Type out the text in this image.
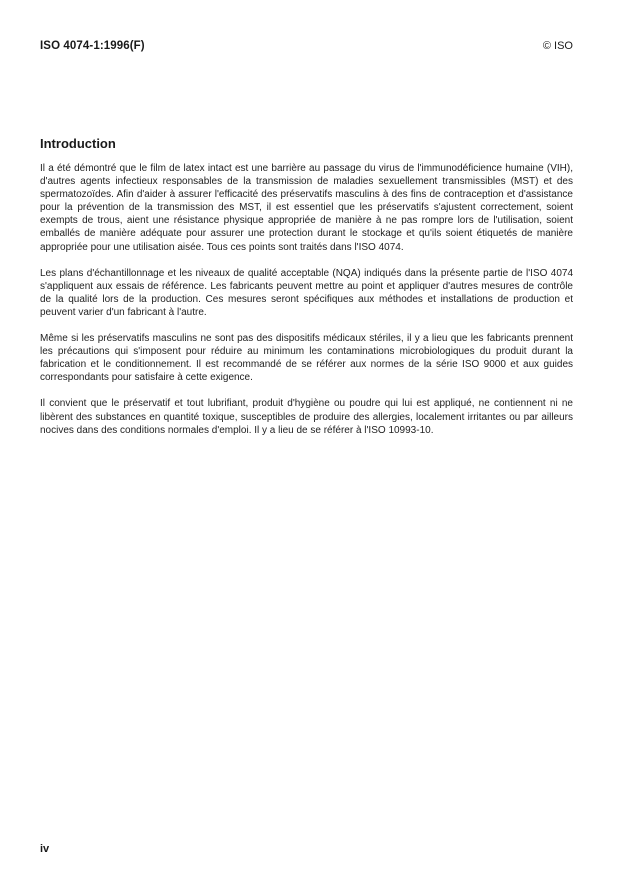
ISO 4074-1:1996(F)	© ISO
Introduction

Il a été démontré que le film de latex intact est une barrière au passage du virus de l'immunodéficience humaine (VIH), d'autres agents infectieux responsables de la transmission de maladies sexuellement transmissibles (MST) et des spermatozoïdes. Afin d'aider à assurer l'efficacité des préservatifs masculins à des fins de contraception et d'assistance pour la prévention de la transmission des MST, il est essentiel que les préservatifs s'ajustent correctement, soient exempts de trous, aient une résistance physique appropriée de manière à ne pas rompre lors de l'utilisation, soient emballés de manière adéquate pour assurer une protection durant le stockage et qu'ils soient étiquetés de manière appropriée pour une utilisation aisée. Tous ces points sont traités dans l'ISO 4074.

Les plans d'échantillonnage et les niveaux de qualité acceptable (NQA) indiqués dans la présente partie de l'ISO 4074 s'appliquent aux essais de référence. Les fabricants peuvent mettre au point et appliquer d'autres mesures de contrôle de la qualité lors de la production. Ces mesures seront spécifiques aux méthodes et installations de production et peuvent varier d'un fabricant à l'autre.

Même si les préservatifs masculins ne sont pas des dispositifs médicaux stériles, il y a lieu que les fabricants prennent les précautions qui s'imposent pour réduire au minimum les contaminations microbiologiques du produit durant la fabrication et le conditionnement. Il est recommandé de se référer aux normes de la série ISO 9000 et aux guides correspondants pour satisfaire à cette exigence.

Il convient que le préservatif et tout lubrifiant, produit d'hygiène ou poudre qui lui est appliqué, ne contiennent ni ne libèrent des substances en quantité toxique, susceptibles de produire des allergies, localement irritantes ou par ailleurs nocives dans des conditions normales d'emploi. Il y a lieu de se référer à l'ISO 10993-10.

iv
